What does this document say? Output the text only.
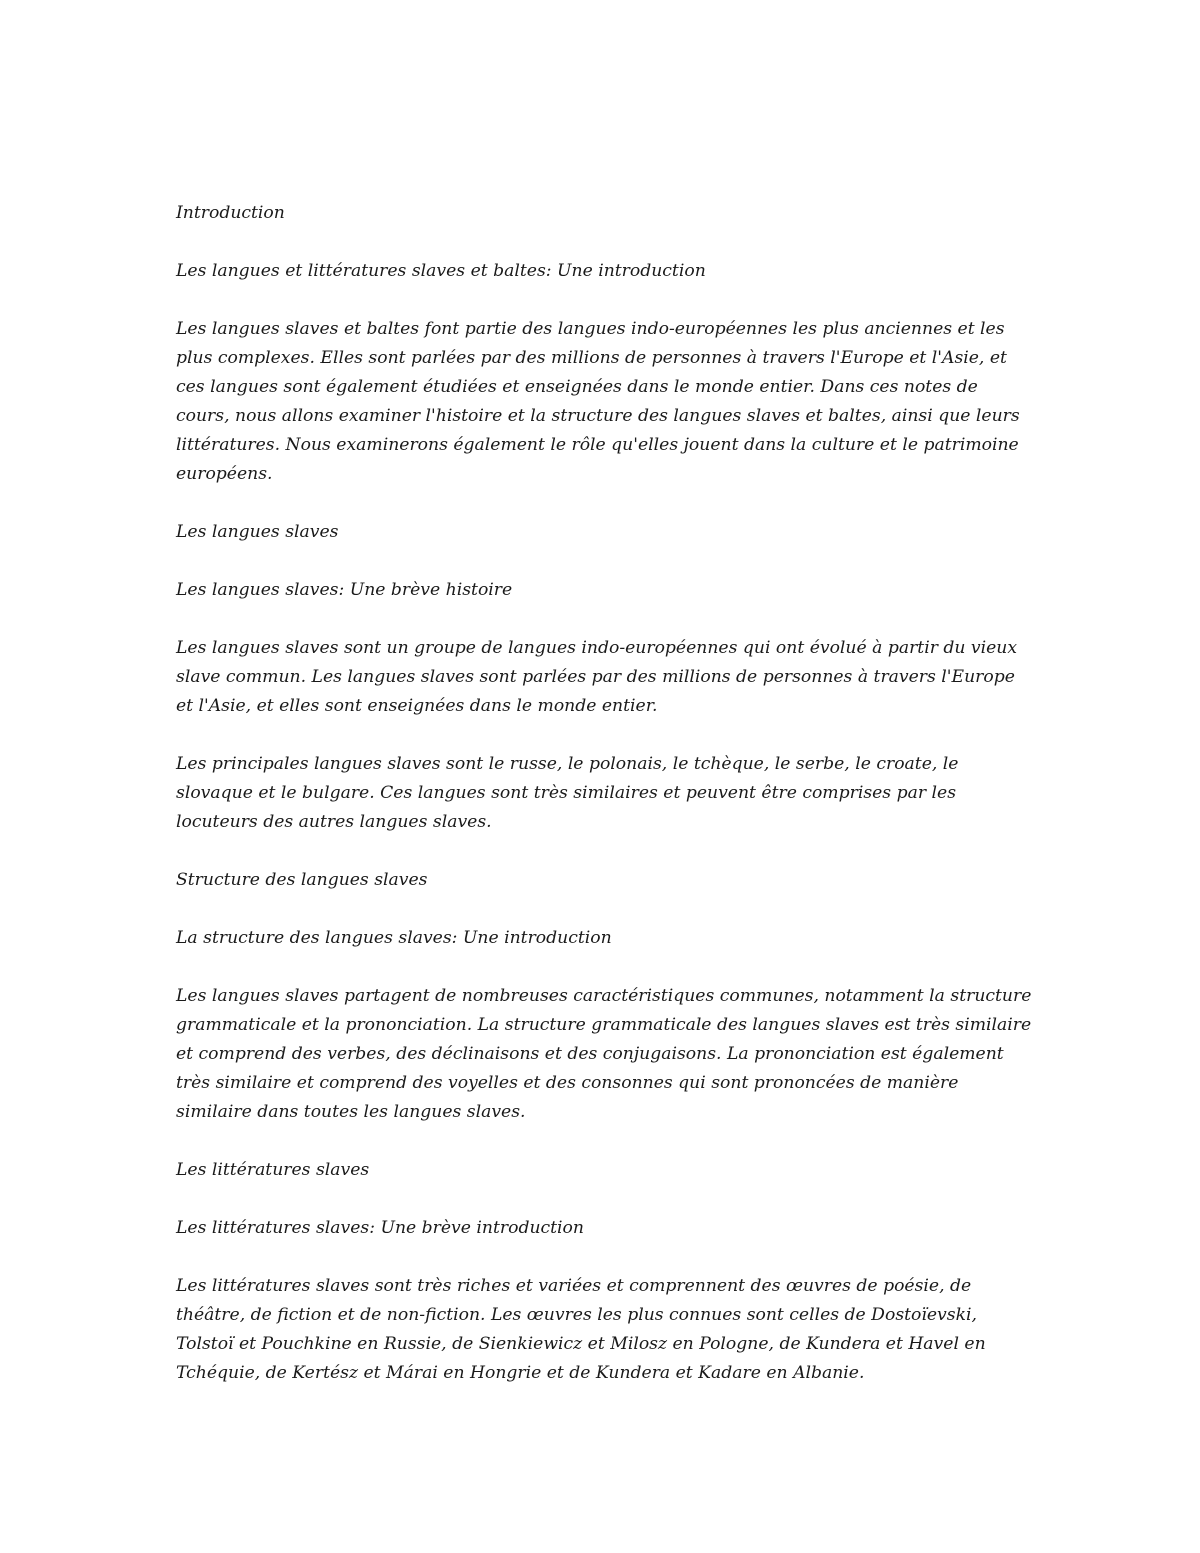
Introduction

Les langues et littératures slaves et baltes: Une introduction

Les langues slaves et baltes font partie des langues indo-européennes les plus anciennes et les plus complexes. Elles sont parlées par des millions de personnes à travers l'Europe et l'Asie, et ces langues sont également étudiées et enseignées dans le monde entier. Dans ces notes de cours, nous allons examiner l'histoire et la structure des langues slaves et baltes, ainsi que leurs littératures. Nous examinerons également le rôle qu'elles jouent dans la culture et le patrimoine européens.

Les langues slaves

Les langues slaves: Une brève histoire

Les langues slaves sont un groupe de langues indo-européennes qui ont évolué à partir du vieux slave commun. Les langues slaves sont parlées par des millions de personnes à travers l'Europe et l'Asie, et elles sont enseignées dans le monde entier.

Les principales langues slaves sont le russe, le polonais, le tchèque, le serbe, le croate, le slovaque et le bulgare. Ces langues sont très similaires et peuvent être comprises par les locuteurs des autres langues slaves.

Structure des langues slaves

La structure des langues slaves: Une introduction

Les langues slaves partagent de nombreuses caractéristiques communes, notamment la structure grammaticale et la prononciation. La structure grammaticale des langues slaves est très similaire et comprend des verbes, des déclinaisons et des conjugaisons. La prononciation est également très similaire et comprend des voyelles et des consonnes qui sont prononcées de manière similaire dans toutes les langues slaves.

Les littératures slaves

Les littératures slaves: Une brève introduction

Les littératures slaves sont très riches et variées et comprennent des œuvres de poésie, de théâtre, de fiction et de non-fiction. Les œuvres les plus connues sont celles de Dostoïevski, Tolstoï et Pouchkine en Russie, de Sienkiewicz et Milosz en Pologne, de Kundera et Havel en Tchéquie, de Kertész et Márai en Hongrie et de Kundera et Kadare en Albanie.
